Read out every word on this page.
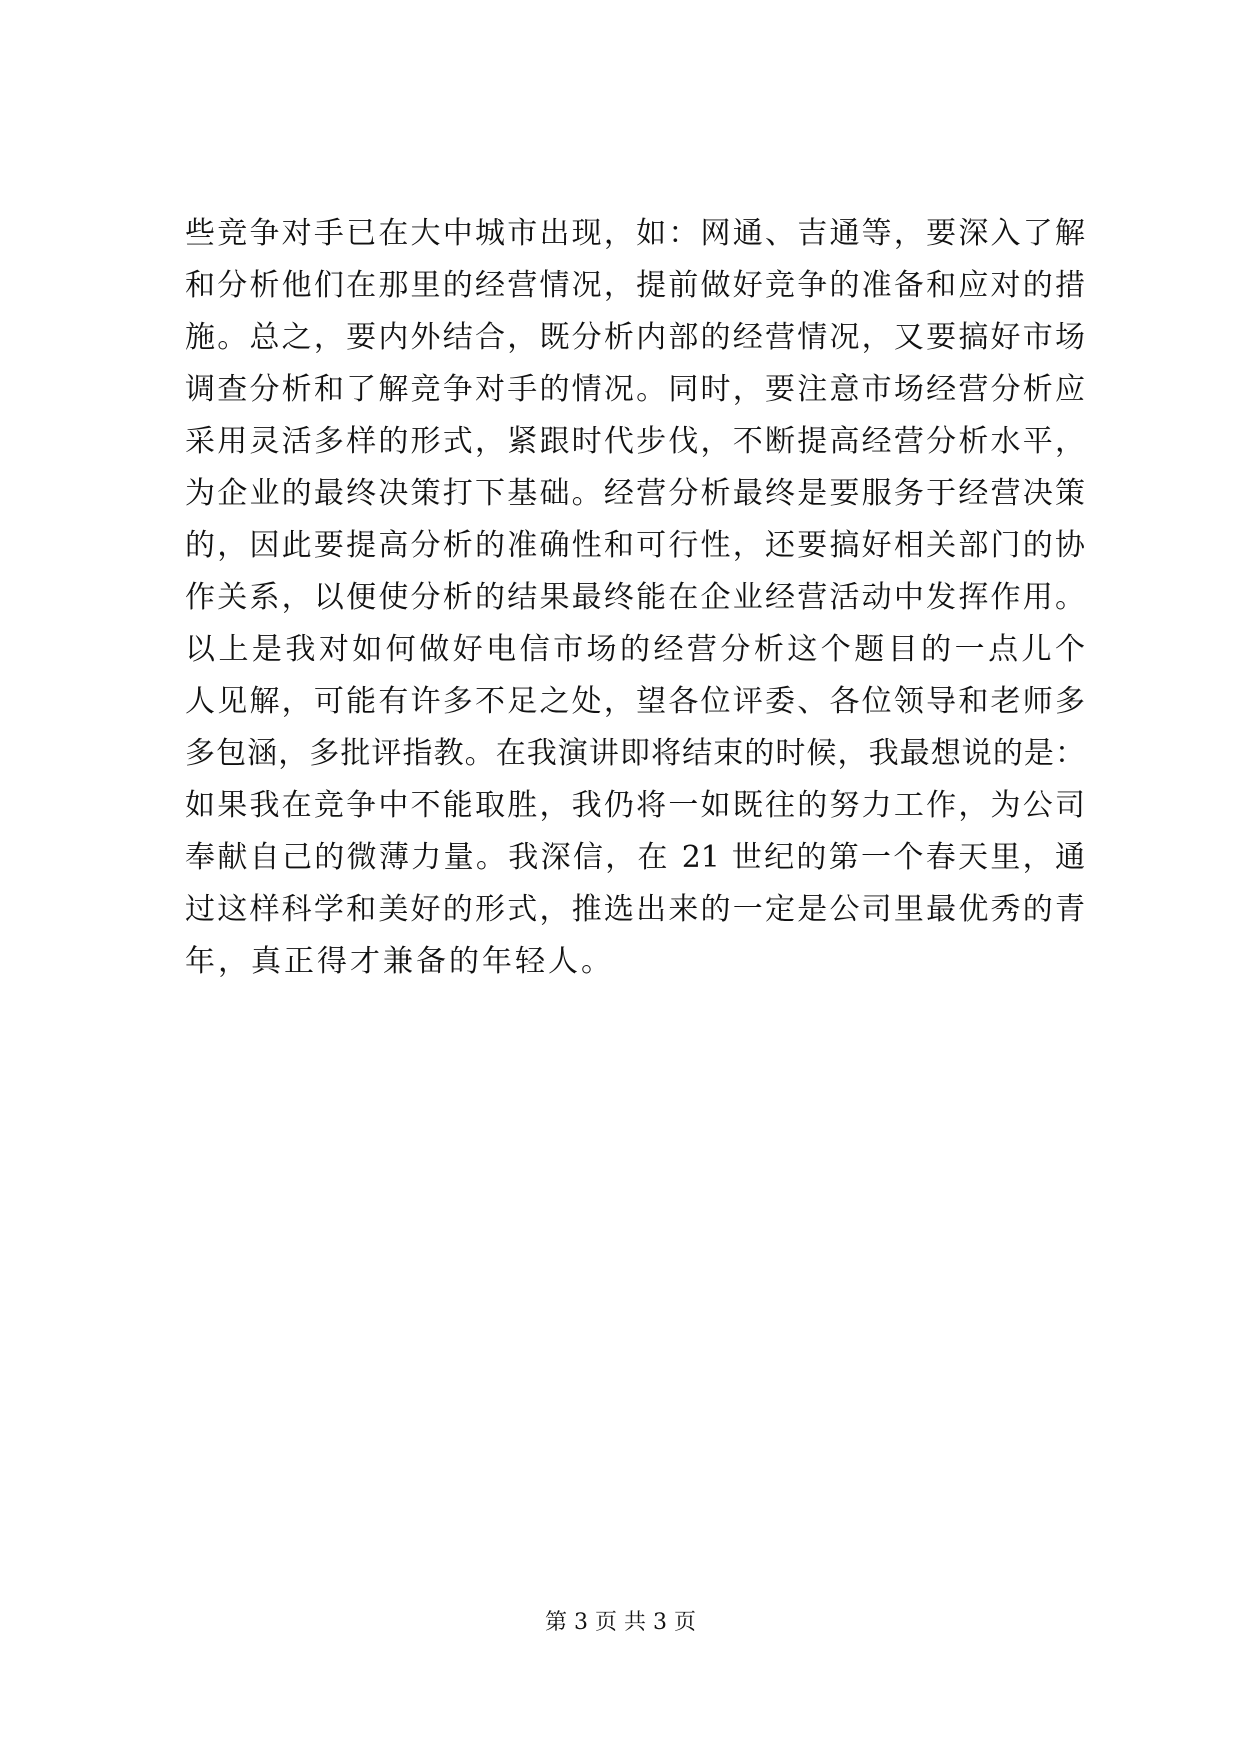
些竞争对手已在大中城市出现，如：网通、吉通等，要深入了解
和分析他们在那里的经营情况，提前做好竞争的准备和应对的措
施。总之，要内外结合，既分析内部的经营情况，又要搞好市场
调查分析和了解竞争对手的情况。同时，要注意市场经营分析应
采用灵活多样的形式，紧跟时代步伐，不断提高经营分析水平，
为企业的最终决策打下基础。经营分析最终是要服务于经营决策
的，因此要提高分析的准确性和可行性，还要搞好相关部门的协
作关系，以便使分析的结果最终能在企业经营活动中发挥作用。
以上是我对如何做好电信市场的经营分析这个题目的一点儿个
人见解，可能有许多不足之处，望各位评委、各位领导和老师多
多包涵，多批评指教。在我演讲即将结束的时候，我最想说的是：
如果我在竞争中不能取胜，我仍将一如既往的努力工作，为公司
奉献自己的微薄力量。我深信，在 21 世纪的第一个春天里，通
过这样科学和美好的形式，推选出来的一定是公司里最优秀的青
年，真正得才兼备的年轻人。
第 3 页 共 3 页
